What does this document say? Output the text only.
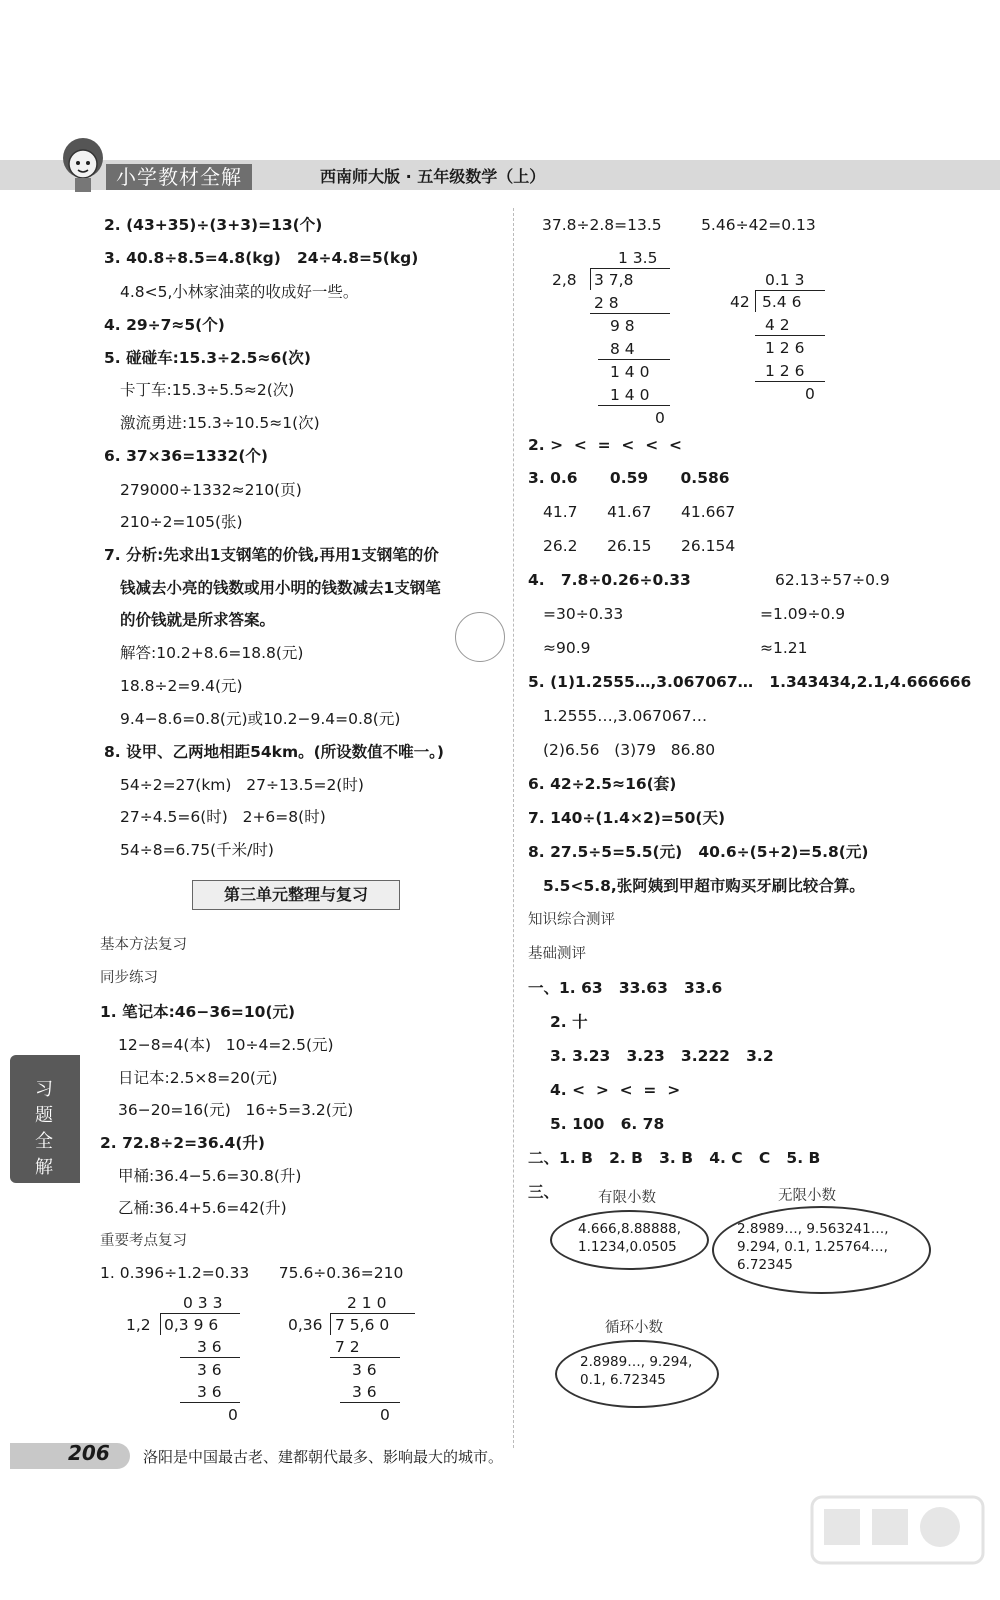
小学教材全解	西南师大版 · 五年级数学（上）
2. (43+35)÷(3+3)=13(个)
3. 40.8÷8.5=4.8(kg)   24÷4.8=5(kg)
4.8<5,小林家油菜的收成好一些。
4. 29÷7≈5(个)
5. 碰碰车:15.3÷2.5≈6(次)
卡丁车:15.3÷5.5≈2(次)
激流勇进:15.3÷10.5≈1(次)
6. 37×36=1332(个)
279000÷1332≈210(页)
210÷2=105(张)
7. 分析:先求出1支钢笔的价钱,再用1支钢笔的价
钱减去小亮的钱数或用小明的钱数减去1支钢笔
的价钱就是所求答案。
解答:10.2+8.6=18.8(元)
18.8÷2=9.4(元)
9.4−8.6=0.8(元)或10.2−9.4=0.8(元)
8. 设甲、乙两地相距54km。(所设数值不唯一。)
54÷2=27(km)   27÷13.5=2(时)
27÷4.5=6(时)   2+6=8(时)
54÷8=6.75(千米/时)
第三单元整理与复习
基本方法复习
同步练习
1. 笔记本:46−36=10(元)
12−8=4(本)   10÷4=2.5(元)
日记本:2.5×8=20(元)
36−20=16(元)   16÷5=3.2(元)
2. 72.8÷2=36.4(升)
甲桶:36.4−5.6=30.8(升)
乙桶:36.4+5.6=42(升)
重要考点复习
1. 0.396÷1.2=0.33      75.6÷0.36=210
习题全解
0 3 3
1,2 0,3 9 6
3 6
3 6
3 6
0
2 1 0
0,36 7 5,6 0
7 2
3 6
3 6
0
37.8÷2.8=13.5        5.46÷42=0.13
1 3.5
2,8 3 7,8
2 8
9 8
8 4
1 4 0
1 4 0
0
0.1 3
42 5.4 6
4 2
1 2 6
1 2 6
0
2. >  <  =  <  <  <
3. 0.6      0.59      0.586
41.7      41.67      41.667
26.2      26.15      26.154
4.   7.8÷0.26÷0.33	62.13÷57÷0.9
=30÷0.33	=1.09÷0.9
≈90.9	≈1.21
5. (1)1.2555…,3.067067…   1.343434,2.1,4.666666
1.2555…,3.067067…
(2)6.56   (3)79   86.80
6. 42÷2.5≈16(套)
7. 140÷(1.4×2)=50(天)
8. 27.5÷5=5.5(元)   40.6÷(5+2)=5.8(元)
5.5<5.8,张阿姨到甲超市购买牙刷比较合算。
知识综合测评
基础测评
一、1. 63   33.63   33.6
2. 十
3. 3.23   3.23   3.222   3.2
4. <  >  <  =  >
5. 100   6. 78
二、1. B   2. B   3. B   4. C   C   5. B
三、	有限小数
4.666,8.88888,
1.1234,0.0505
无限小数
2.8989…, 9.563241…,
9.294, 0.1, 1.25764…,
6.72345
循环小数
2.8989…, 9.294,
0.1, 6.72345
206 洛阳是中国最古老、建都朝代最多、影响最大的城市。
